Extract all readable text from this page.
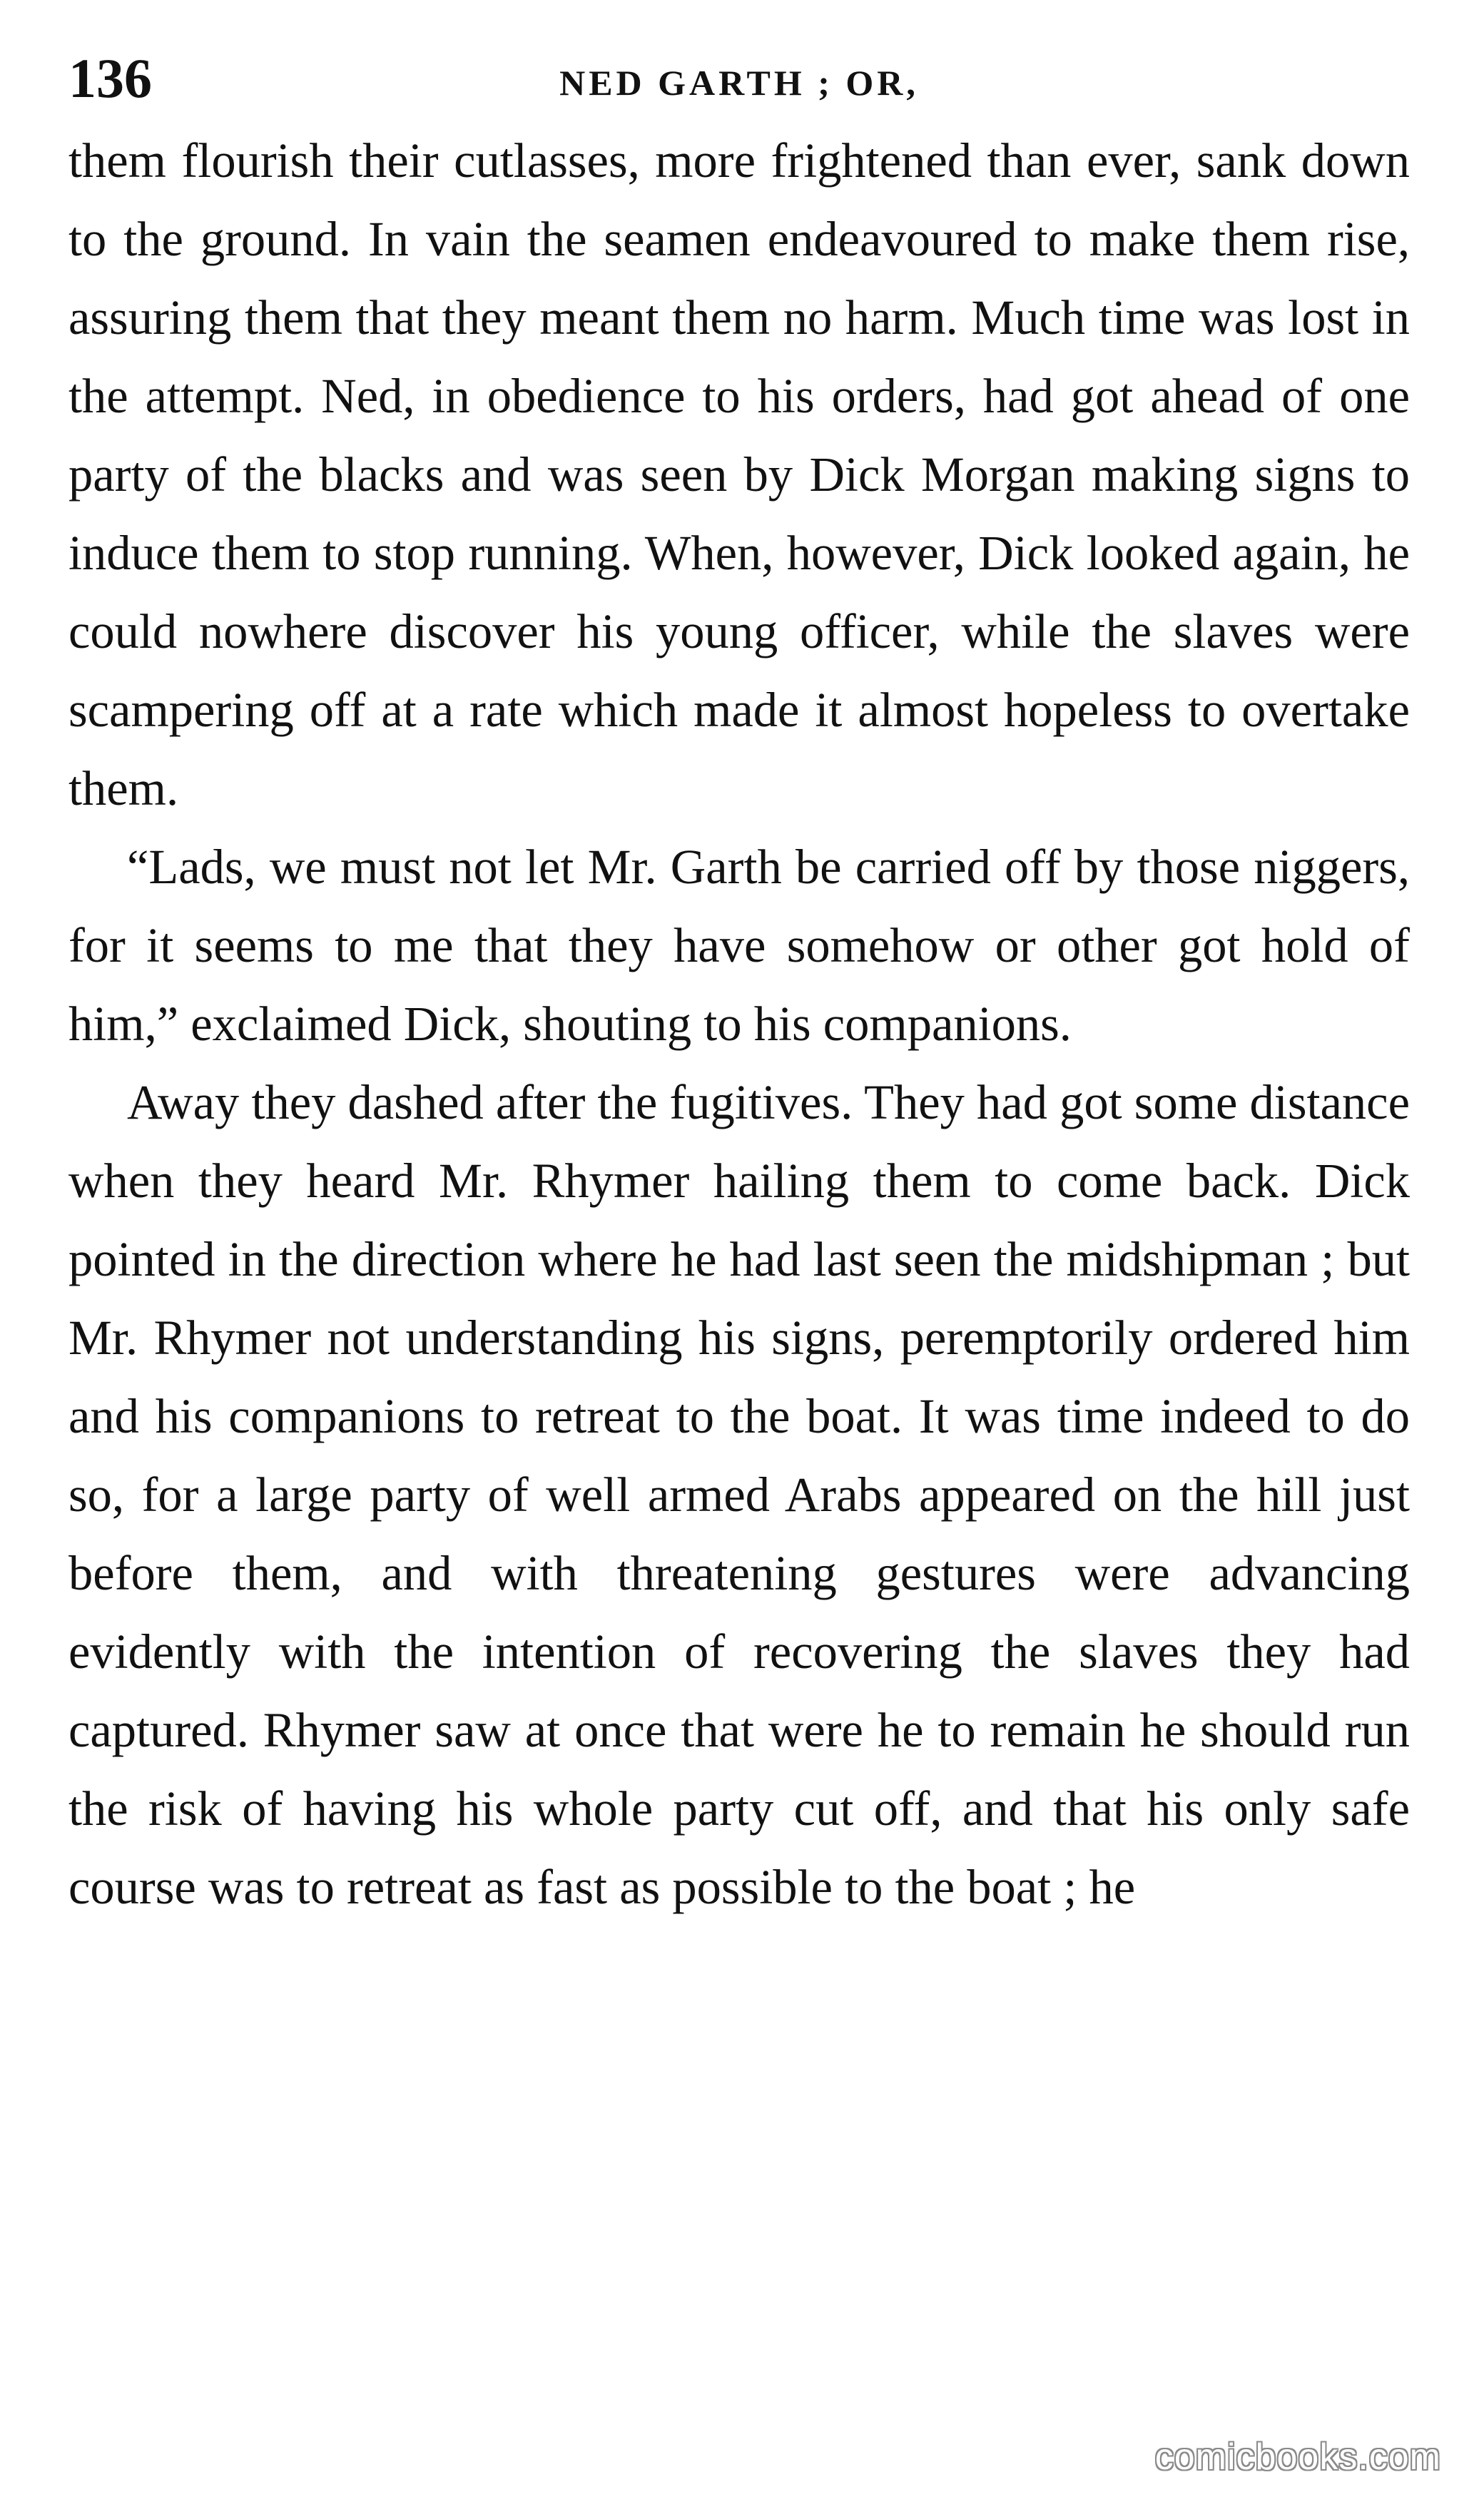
136	NED GARTH ; OR,

them flourish their cutlasses, more frightened than ever, sank down to the ground. In vain the seamen endeavoured to make them rise, assuring them that they meant them no harm. Much time was lost in the attempt. Ned, in obedience to his orders, had got ahead of one party of the blacks and was seen by Dick Morgan making signs to induce them to stop running. When, however, Dick looked again, he could nowhere discover his young officer, while the slaves were scampering off at a rate which made it almost hopeless to overtake them.

“Lads, we must not let Mr. Garth be carried off by those niggers, for it seems to me that they have somehow or other got hold of him,” exclaimed Dick, shouting to his companions.

Away they dashed after the fugitives. They had got some distance when they heard Mr. Rhymer hailing them to come back. Dick pointed in the direction where he had last seen the midshipman ; but Mr. Rhymer not understanding his signs, peremptorily ordered him and his companions to retreat to the boat. It was time indeed to do so, for a large party of well armed Arabs appeared on the hill just before them, and with threatening gestures were advancing evidently with the intention of recovering the slaves they had captured. Rhymer saw at once that were he to remain he should run the risk of having his whole party cut off, and that his only safe course was to retreat as fast as possible to the boat ; he

comicbooks.com
